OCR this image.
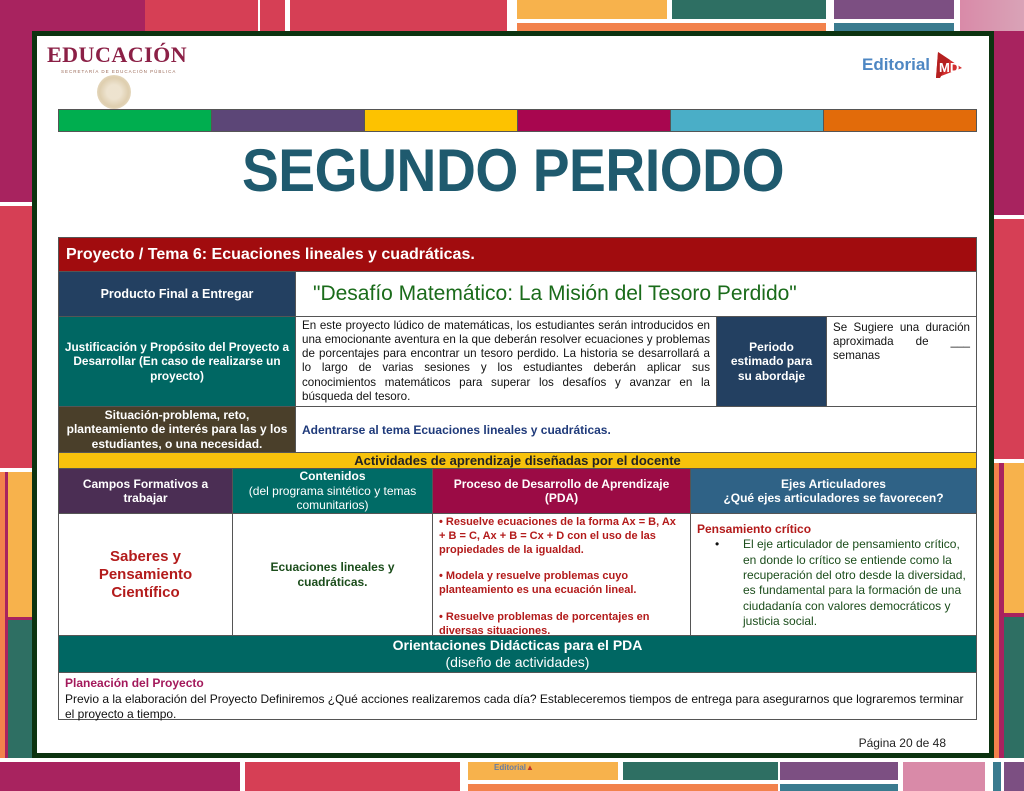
Editorial▲
EDUCACIÓN
SECRETARÍA DE EDUCACIÓN PÚBLICA	Editorial MD
SEGUNDO PERIODO
Proyecto / Tema 6: Ecuaciones lineales y cuadráticas.
Producto Final a Entregar	"Desafío Matemático: La Misión del Tesoro Perdido"
Justificación y Propósito del Proyecto a Desarrollar (En caso de realizarse un proyecto)
En este proyecto lúdico de matemáticas, los estudiantes serán introducidos en una emocionante aventura en la que deberán resolver ecuaciones y problemas de porcentajes para encontrar un tesoro perdido. La historia se desarrollará a lo largo de varias sesiones y los estudiantes deberán aplicar sus conocimientos matemáticos para superar los desafíos y avanzar en la búsqueda del tesoro.
Periodo estimado para su abordaje
Se Sugiere una duración aproximada de ___ semanas
Situación-problema, reto, planteamiento de interés para las y los estudiantes, o una necesidad.
Adentrarse al tema Ecuaciones lineales y cuadráticas.
Actividades de aprendizaje diseñadas por el docente
Campos Formativos a trabajar
Contenidos
(del programa sintético y temas comunitarios)
Proceso de Desarrollo de Aprendizaje (PDA)
Ejes Articuladores
¿Qué ejes articuladores se favorecen?
Saberes y Pensamiento Científico
Ecuaciones lineales y cuadráticas.

• Resuelve ecuaciones de la forma Ax = B, Ax + B = C, Ax + B = Cx + D con el uso de las propiedades de la igualdad.

• Modela y resuelve problemas cuyo planteamiento es una ecuación lineal.

• Resuelve problemas de porcentajes en diversas situaciones.

Pensamiento crítico
• El eje articulador de pensamiento crítico, en donde lo crítico se entiende como la recuperación del otro desde la diversidad, es fundamental para la formación de una ciudadanía con valores democráticos y justicia social.
Orientaciones Didácticas para el PDA
(diseño de actividades)
Planeación del Proyecto
Previo a la elaboración del Proyecto Definiremos ¿Qué acciones realizaremos cada día? Estableceremos tiempos de entrega para asegurarnos que lograremos terminar el proyecto a tiempo.
Página 20 de 48
